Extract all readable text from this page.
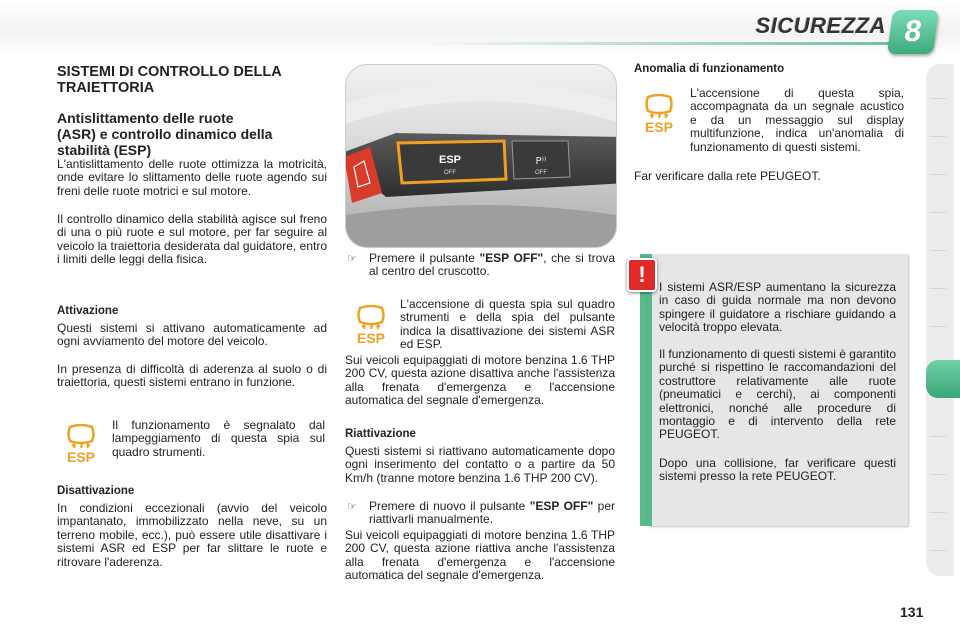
SICUREZZA 8
SISTEMI DI CONTROLLO DELLA
TRAIETTORIA
Antislittamento delle ruote
(ASR) e controllo dinamico della
stabilità (ESP)
L'antislittamento delle ruote ottimizza la motricità, onde evitare lo slittamento delle ruote agendo sui freni delle ruote motrici e sul motore.
Il controllo dinamico della stabilità agisce sul freno di una o più ruote e sul motore, per far seguire al veicolo la traiettoria desiderata dal guidatore, entro i limiti delle leggi della fisica.
Attivazione
Questi sistemi si attivano automaticamente ad ogni avviamento del motore del veicolo.
In presenza di difficoltà di aderenza al suolo o di traiettoria, questi sistemi entrano in funzione.
ESP
Il funzionamento è segnalato dal lampeggiamento di questa spia sul quadro strumenti.
Disattivazione
In condizioni eccezionali (avvio del veicolo impantanato, immobilizzato nella neve, su un terreno mobile, ecc.), può essere utile disattivare i sistemi ASR ed ESP per far slittare le ruote e ritrovare l'aderenza.
ESP
OFF
P⁾⁾
OFF
☞	Premere il pulsante "ESP OFF", che si trova al centro del cruscotto.
ESP
L'accensione di questa spia sul quadro strumenti e della spia del pulsante indica la disattivazione dei sistemi ASR ed ESP.
Sui veicoli equipaggiati di motore benzina 1.6 THP 200 CV, questa azione disattiva anche l'assistenza alla frenata d'emergenza e l'accensione automatica del segnale d'emergenza.
Riattivazione
Questi sistemi si riattivano automaticamente dopo ogni inserimento del contatto o a partire da 50 Km/h (tranne motore benzina 1.6 THP 200 CV).
☞	Premere di nuovo il pulsante "ESP OFF" per riattivarli manualmente.
Sui veicoli equipaggiati di motore benzina 1.6 THP 200 CV, questa azione riattiva anche l'assistenza alla frenata d'emergenza e l'accensione automatica del segnale d'emergenza.
Anomalia di funzionamento
ESP
L'accensione di questa spia, accompagnata da un segnale acustico e da un messaggio sul display multifunzione, indica un'anomalia di funzionamento di questi sistemi.
Far verificare dalla rete PEUGEOT.
!	I sistemi ASR/ESP aumentano la sicurezza in caso di guida normale ma non devono spingere il guidatore a rischiare guidando a velocità troppo elevata.
Il funzionamento di questi sistemi è garantito purché si rispettino le raccomandazioni del costruttore relativamente alle ruote (pneumatici e cerchi), ai componenti elettronici, nonché alle procedure di montaggio e di intervento della rete PEUGEOT.
Dopo una collisione, far verificare questi sistemi presso la rete PEUGEOT.
131
